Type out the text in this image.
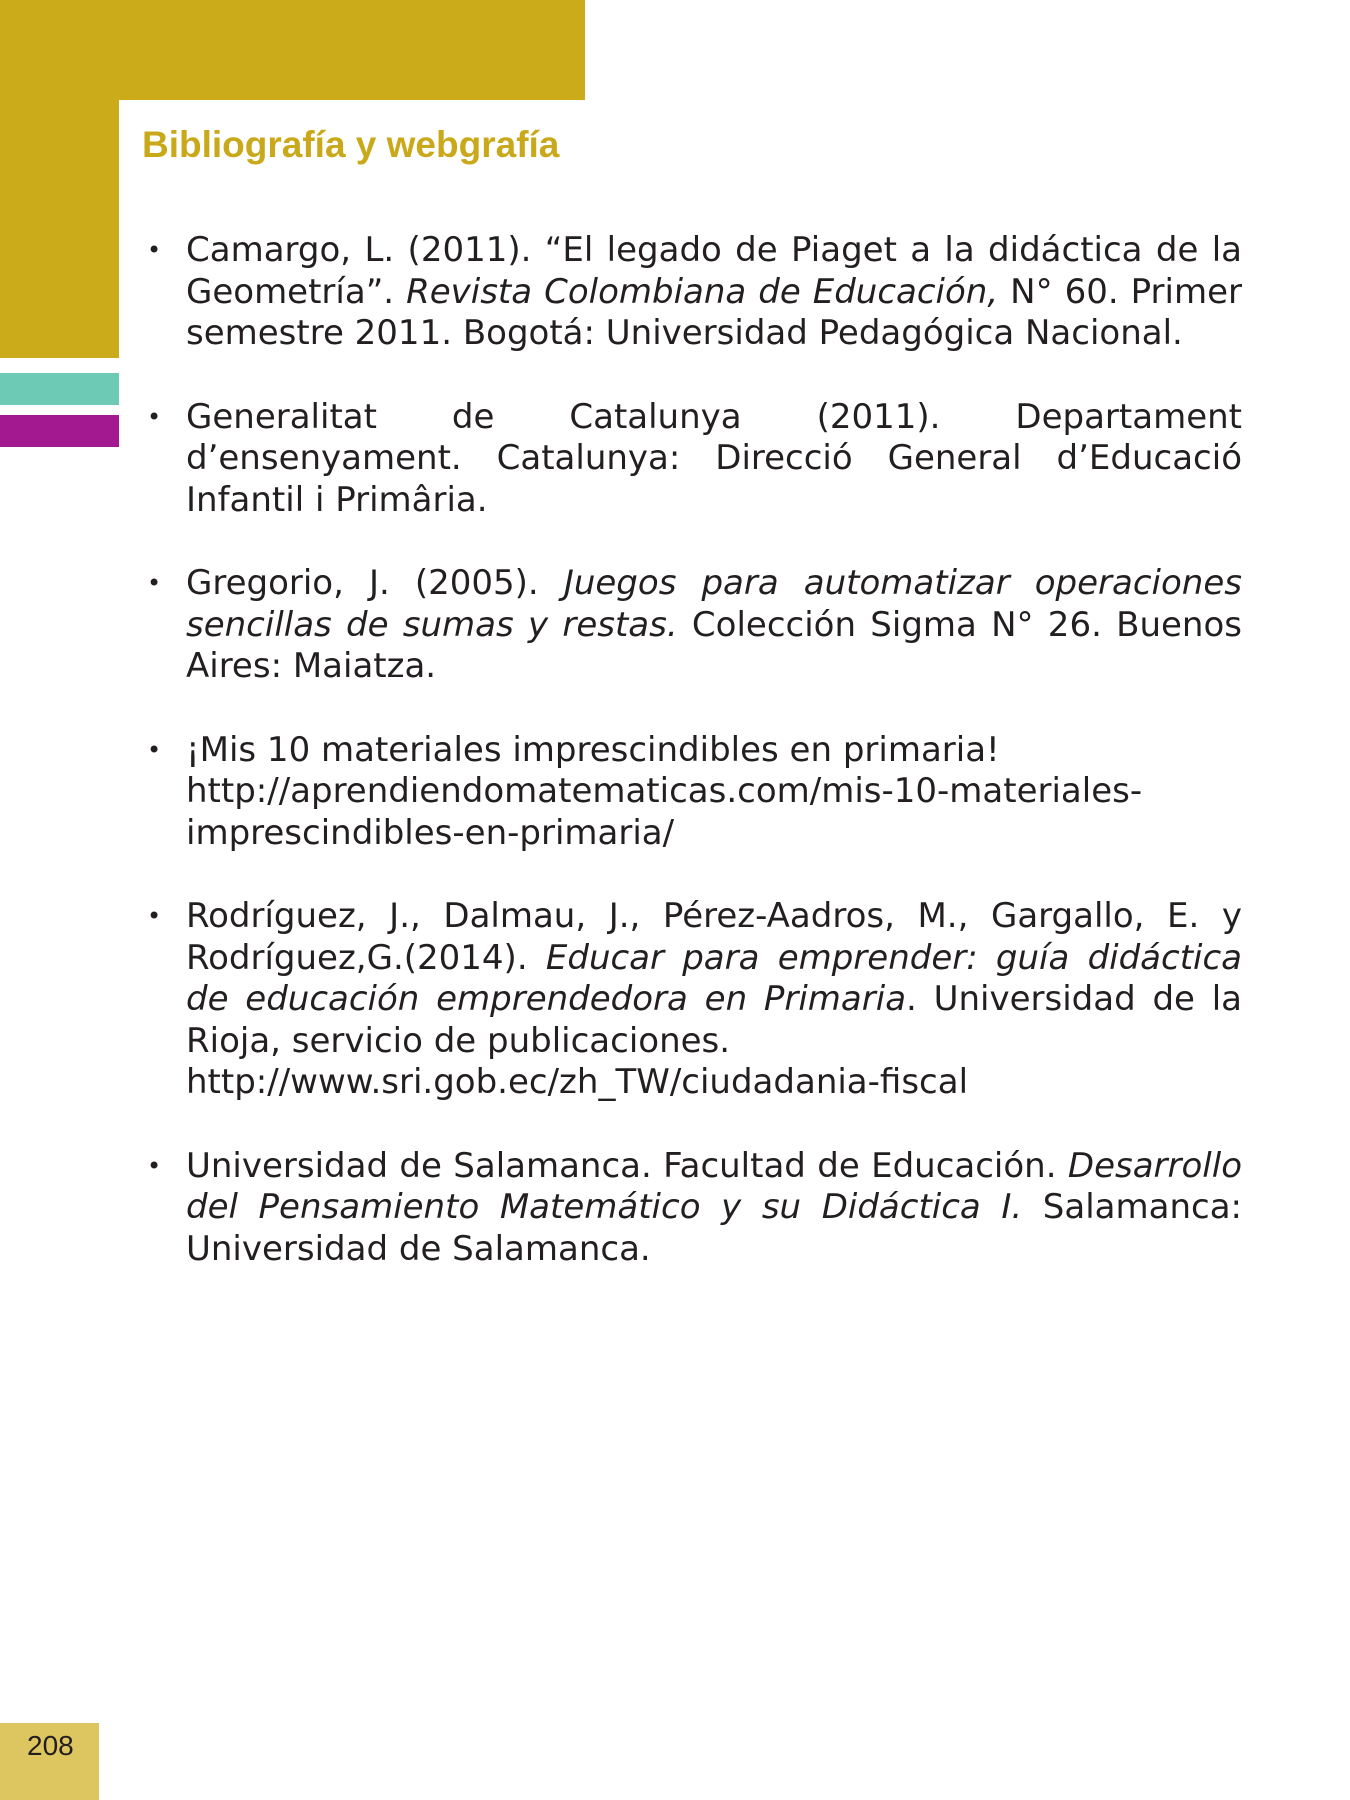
Bibliografía y webgrafía
• Camargo, L. (2011). “El legado de Piaget a la didáctica de la Geometría”. Revista Colombiana de Educación, N° 60. Primer semestre 2011. Bogotá: Universidad Pedagógica Nacional.
• Generalitat de Catalunya (2011). Departament d’ensenyament. Catalunya: Direcció General d’Educació Infantil i Primâria.
• Gregorio, J. (2005). Juegos para automatizar operaciones sencillas de sumas y restas. Colección Sigma N° 26. Buenos Aires: Maiatza.
• ¡Mis 10 materiales imprescindibles en primaria!
http://aprendiendomatematicas.com/mis-10-materiales-
imprescindibles-en-primaria/
• Rodríguez, J., Dalmau, J., Pérez-Aadros, M., Gargallo, E. y Rodríguez,G.(2014). Educar para emprender: guía didáctica de educación emprendedora en Primaria. Universidad de la Rioja, servicio de publicaciones.
http://www.sri.gob.ec/zh_TW/ciudadania-fiscal
• Universidad de Salamanca. Facultad de Educación. Desarrollo del Pensamiento Matemático y su Didáctica I. Salamanca: Universidad de Salamanca.
208
